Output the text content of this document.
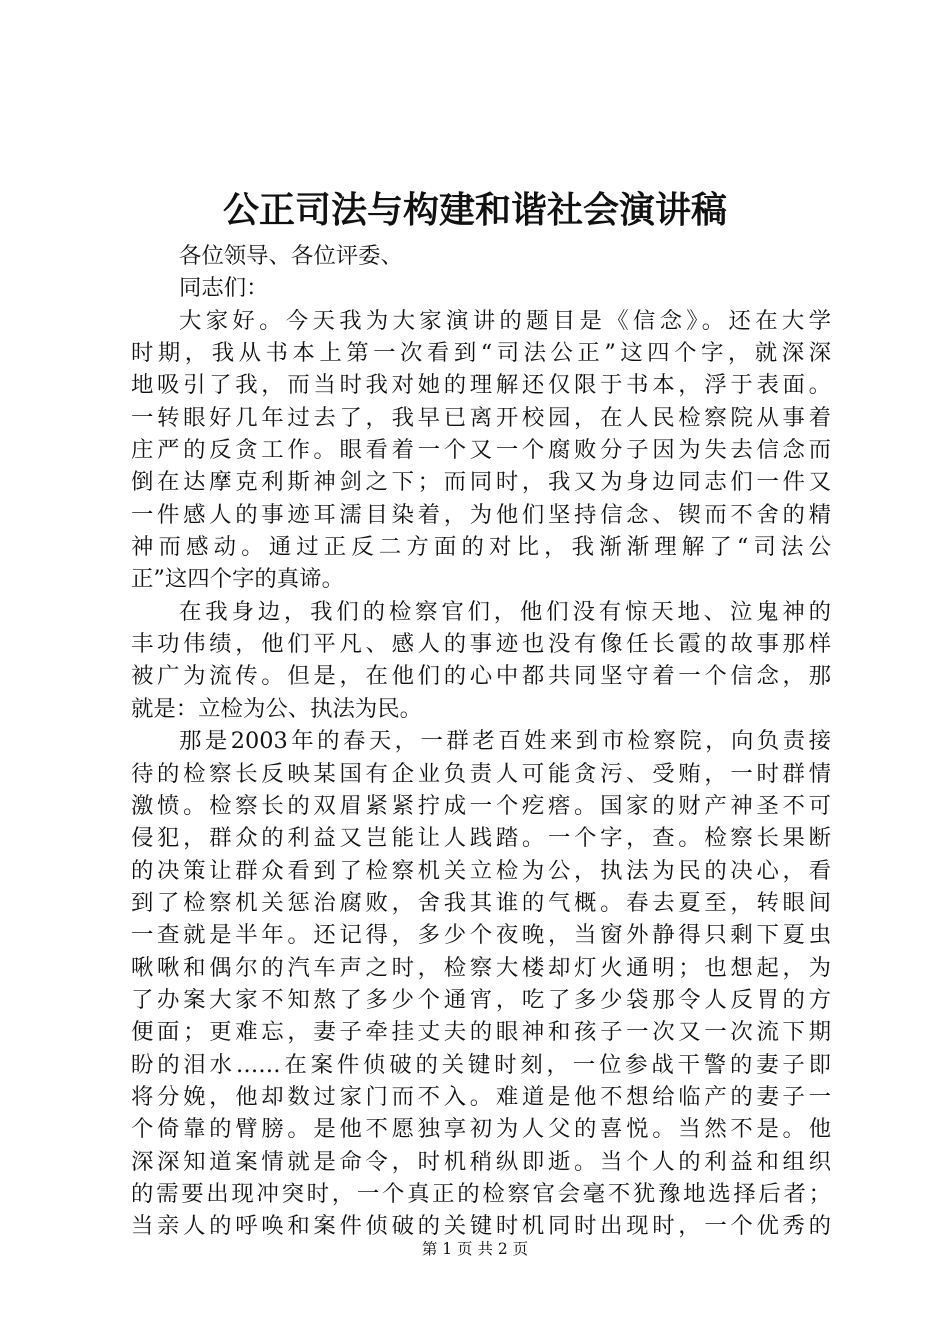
公正司法与构建和谐社会演讲稿
各位领导、各位评委、
同志们：
大家好。今天我为大家演讲的题目是《信念》。还在大学
时期，我从书本上第一次看到“司法公正”这四个字，就深深
地吸引了我，而当时我对她的理解还仅限于书本，浮于表面。
一转眼好几年过去了，我早已离开校园，在人民检察院从事着
庄严的反贪工作。眼看着一个又一个腐败分子因为失去信念而
倒在达摩克利斯神剑之下；而同时，我又为身边同志们一件又
一件感人的事迹耳濡目染着，为他们坚持信念、锲而不舍的精
神而感动。通过正反二方面的对比，我渐渐理解了“司法公
正”这四个字的真谛。
在我身边，我们的检察官们，他们没有惊天地、泣鬼神的
丰功伟绩，他们平凡、感人的事迹也没有像任长霞的故事那样
被广为流传。但是，在他们的心中都共同坚守着一个信念，那
就是：立检为公、执法为民。
那是2003年的春天，一群老百姓来到市检察院，向负责接
待的检察长反映某国有企业负责人可能贪污、受贿，一时群情
激愤。检察长的双眉紧紧拧成一个疙瘩。国家的财产神圣不可
侵犯，群众的利益又岂能让人践踏。一个字，查。检察长果断
的决策让群众看到了检察机关立检为公，执法为民的决心，看
到了检察机关惩治腐败，舍我其谁的气概。春去夏至，转眼间
一查就是半年。还记得，多少个夜晚，当窗外静得只剩下夏虫
啾啾和偶尔的汽车声之时，检察大楼却灯火通明；也想起，为
了办案大家不知熬了多少个通宵，吃了多少袋那令人反胃的方
便面；更难忘，妻子牵挂丈夫的眼神和孩子一次又一次流下期
盼的泪水……在案件侦破的关键时刻，一位参战干警的妻子即
将分娩，他却数过家门而不入。难道是他不想给临产的妻子一
个倚靠的臂膀。是他不愿独享初为人父的喜悦。当然不是。他
深深知道案情就是命令，时机稍纵即逝。当个人的利益和组织
的需要出现冲突时，一个真正的检察官会毫不犹豫地选择后者；
当亲人的呼唤和案件侦破的关键时机同时出现时，一个优秀的
第 1 页 共 2 页
